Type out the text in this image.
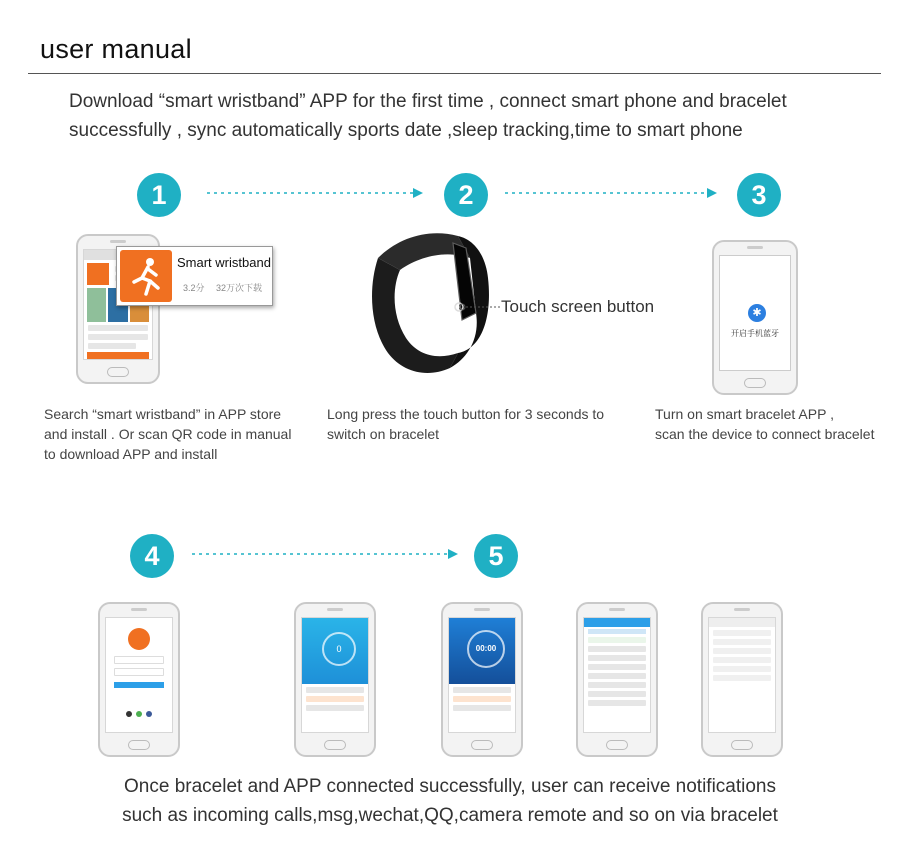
user manual
Download “smart wristband” APP for the first time , connect smart phone and bracelet
successfully , sync automatically sports date ,sleep tracking,time to smart phone
1	2	3
Smart wristband
3.2分 32万次下载
Touch screen button	✱
开启手机蓝牙
Search “smart wristband” in APP store
and install . Or scan QR code in manual
to download APP and install
Long press the touch button for 3 seconds to
switch on bracelet
Turn on smart bracelet APP ,
scan the device to connect bracelet
4	5

0	00:00
Once bracelet and APP connected successfully, user can receive notifications
such as incoming calls,msg,wechat,QQ,camera remote and so on via bracelet
